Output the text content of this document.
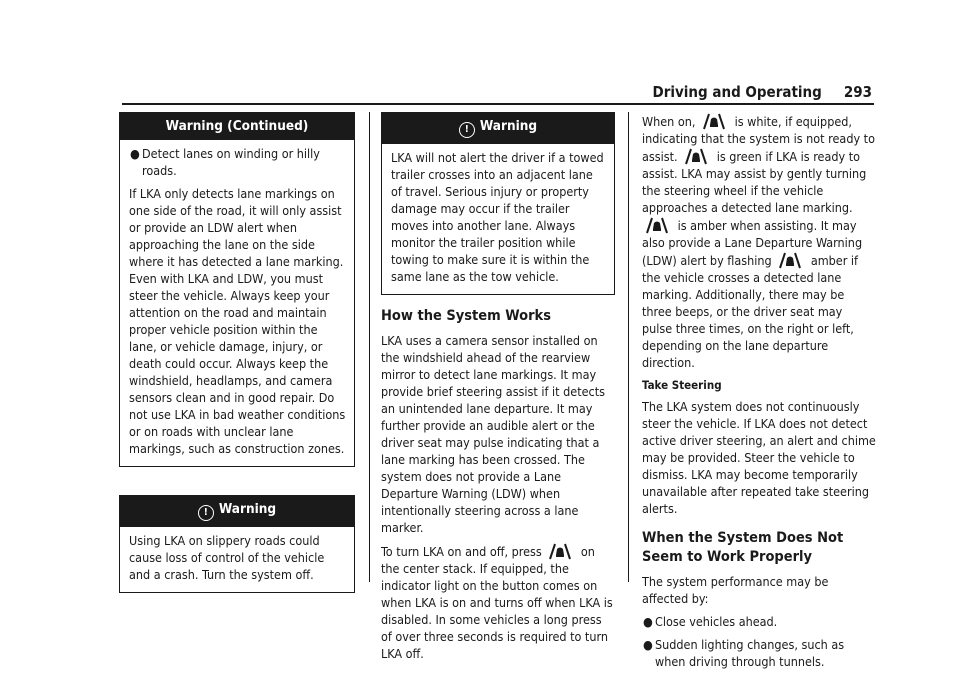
Driving and Operating 293
Warning (Continued)
● Detect lanes on winding or hilly roads.

If LKA only detects lane markings on one side of the road, it will only assist or provide an LDW alert when approaching the lane on the side where it has detected a lane marking. Even with LKA and LDW, you must steer the vehicle. Always keep your attention on the road and maintain proper vehicle position within the lane, or vehicle damage, injury, or death could occur. Always keep the windshield, headlamps, and camera sensors clean and in good repair. Do not use LKA in bad weather conditions or on roads with unclear lane markings, such as construction zones.

! Warning

Using LKA on slippery roads could cause loss of control of the vehicle and a crash. Turn the system off.

! Warning

LKA will not alert the driver if a towed trailer crosses into an adjacent lane of travel. Serious injury or property damage may occur if the trailer moves into another lane. Always monitor the trailer position while towing to make sure it is within the same lane as the tow vehicle.

How the System Works

LKA uses a camera sensor installed on the windshield ahead of the rearview mirror to detect lane markings. It may provide brief steering assist if it detects an unintended lane departure. It may further provide an audible alert or the driver seat may pulse indicating that a lane marking has been crossed. The system does not provide a Lane Departure Warning (LDW) when intentionally steering across a lane marker.

To turn LKA on and off, press	on the center stack. If equipped, the indicator light on the button comes on when LKA is on and turns off when LKA is disabled. In some vehicles a long press of over three seconds is required to turn LKA off.

When on,	is white, if equipped, indicating that the system is not ready to assist.	is green if LKA is ready to assist. LKA may assist by gently turning the steering wheel if the vehicle approaches a detected lane marking.
is amber when assisting. It may also provide a Lane Departure Warning (LDW) alert by flashing	amber if the vehicle crosses a detected lane marking. Additionally, there may be three beeps, or the driver seat may pulse three times, on the right or left, depending on the lane departure direction.

Take Steering

The LKA system does not continuously steer the vehicle. If LKA does not detect active driver steering, an alert and chime may be provided. Steer the vehicle to dismiss. LKA may become temporarily unavailable after repeated take steering alerts.

When the System Does Not Seem to Work Properly

The system performance may be affected by:

● Close vehicles ahead.
● Sudden lighting changes, such as when driving through tunnels.
